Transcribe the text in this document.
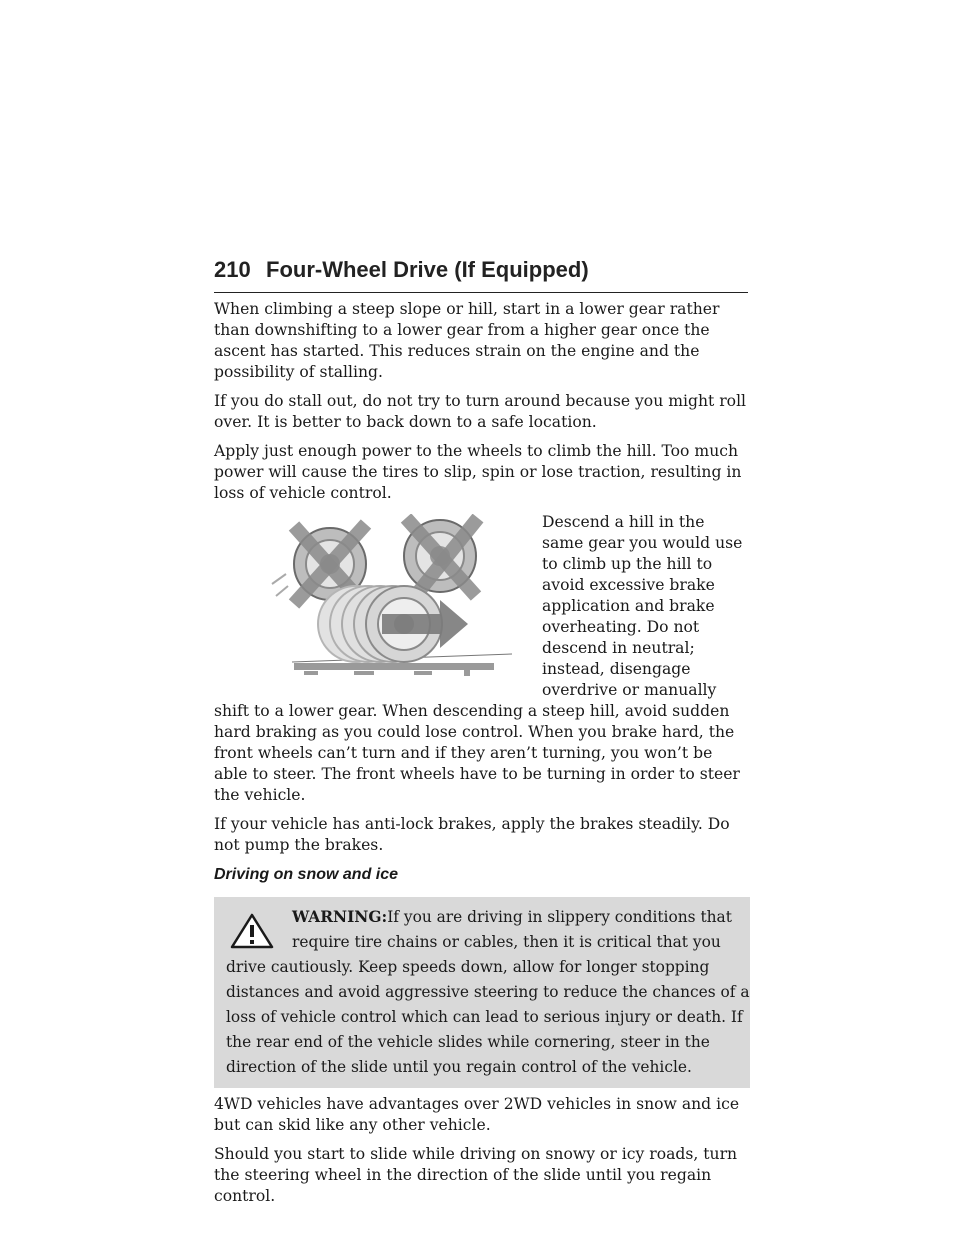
210 Four-Wheel Drive (If Equipped)

When climbing a steep slope or hill, start in a lower gear rather than downshifting to a lower gear from a higher gear once the ascent has started. This reduces strain on the engine and the possibility of stalling.

If you do stall out, do not try to turn around because you might roll over. It is better to back down to a safe location.

Apply just enough power to the wheels to climb the hill. Too much power will cause the tires to slip, spin or lose traction, resulting in loss of vehicle control.

Descend a hill in the same gear you would use to climb up the hill to avoid excessive brake application and brake overheating. Do not descend in neutral; instead, disengage overdrive or manually shift to a lower gear. When descending a steep hill, avoid sudden hard braking as you could lose control. When you brake hard, the front wheels can’t turn and if they aren’t turning, you won’t be able to steer. The front wheels have to be turning in order to steer the vehicle.

If your vehicle has anti-lock brakes, apply the brakes steadily. Do not pump the brakes.

Driving on snow and ice
WARNING:If you are driving in slippery conditions that require tire chains or cables, then it is critical that you drive cautiously. Keep speeds down, allow for longer stopping distances and avoid aggressive steering to reduce the chances of a loss of vehicle control which can lead to serious injury or death. If the rear end of the vehicle slides while cornering, steer in the direction of the slide until you regain control of the vehicle.

4WD vehicles have advantages over 2WD vehicles in snow and ice but can skid like any other vehicle.

Should you start to slide while driving on snowy or icy roads, turn the steering wheel in the direction of the slide until you regain control.
